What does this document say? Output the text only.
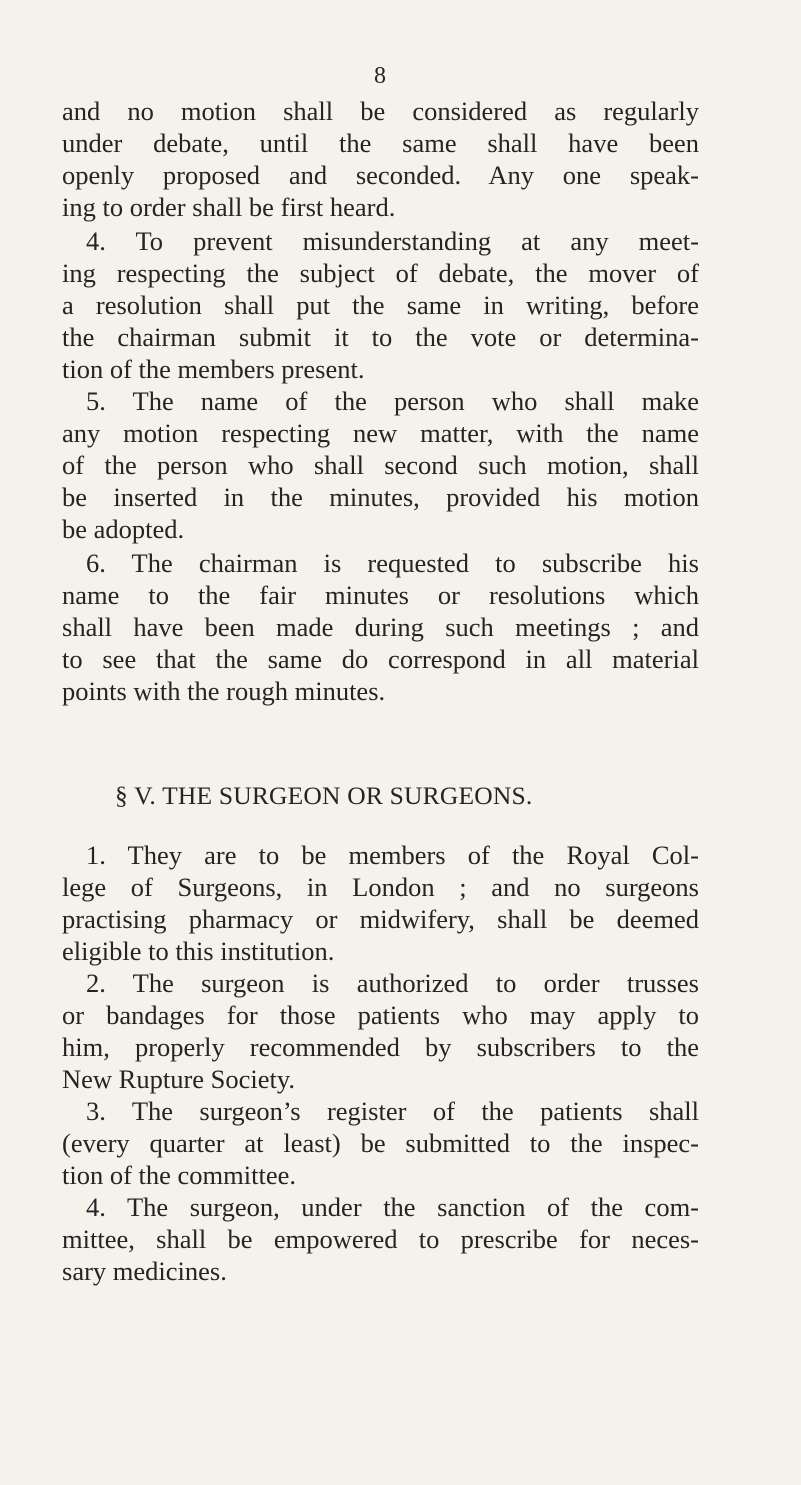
8
and no motion shall be considered as regularly
under debate, until the same shall have been
openly proposed and seconded. Any one speak-
ing to order shall be first heard.
4. To prevent misunderstanding at any meet-
ing respecting the subject of debate, the mover of
a resolution shall put the same in writing, before
the chairman submit it to the vote or determina-
tion of the members present.
5. The name of the person who shall make
any motion respecting new matter, with the name
of the person who shall second such motion, shall
be inserted in the minutes, provided his motion
be adopted.
6. The chairman is requested to subscribe his
name to the fair minutes or resolutions which
shall have been made during such meetings ; and
to see that the same do correspond in all material
points with the rough minutes.
§ V. THE SURGEON OR SURGEONS.
1. They are to be members of the Royal Col-
lege of Surgeons, in London ; and no surgeons
practising pharmacy or midwifery, shall be deemed
eligible to this institution.
2. The surgeon is authorized to order trusses
or bandages for those patients who may apply to
him, properly recommended by subscribers to the
New Rupture Society.
3. The surgeon’s register of the patients shall
(every quarter at least) be submitted to the inspec-
tion of the committee.
4. The surgeon, under the sanction of the com-
mittee, shall be empowered to prescribe for neces-
sary medicines.
